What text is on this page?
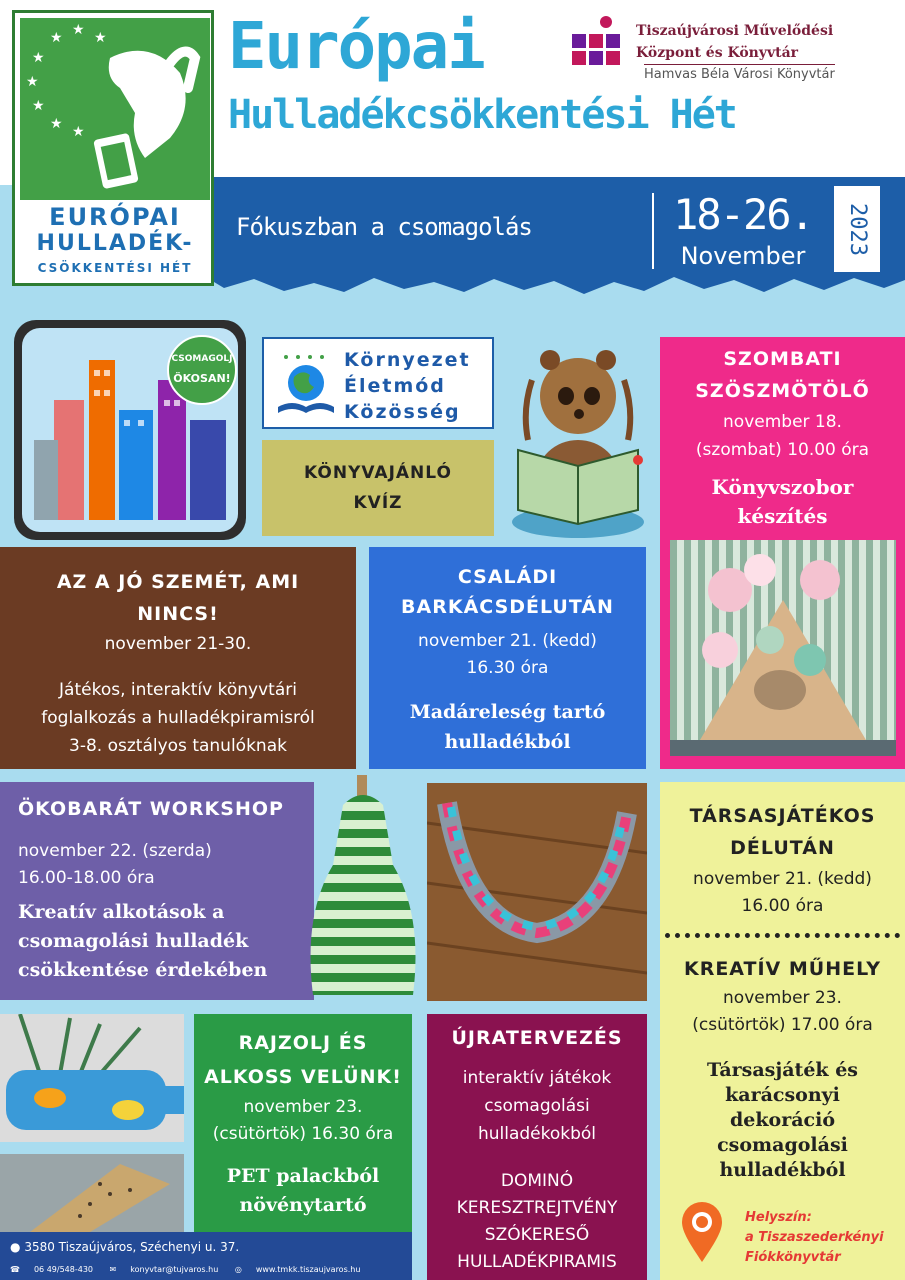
★ ★ ★
★
★
★
★ ★
EURÓPAI
HULLADÉK-
CSÖKKENTÉSI HÉT
Európai
Hulladékcsökkentési Hét
Tiszaújvárosi Művelődési
Központ és Könyvtár
Hamvas Béla Városi Könyvtár
Fókuszban a csomagolás	18-26.
November
2023
CSOMAGOLJ
ÖKOSAN!
Környezet
Életmód
Közösség
KÖNYVAJÁNLÓ
KVÍZ
SZOMBATI
SZÖSZMÖTÖLŐ
november 18.
(szombat) 10.00 óra
Könyvszobor
készítés
AZ A JÓ SZEMÉT, AMI
NINCS!
november 21-30.
Játékos, interaktív könyvtári
foglalkozás a hulladékpiramisról
3-8. osztályos tanulóknak
CSALÁDI
BARKÁCSDÉLUTÁN
november 21. (kedd)
16.30 óra
Madáreleség tartó
hulladékból
ÖKOBARÁT WORKSHOP
november 22. (szerda)
16.00-18.00 óra
Kreatív alkotások a
csomagolási hulladék
csökkentése érdekében
TÁRSASJÁTÉKOS
DÉLUTÁN
november 21. (kedd)
16.00 óra
KREATÍV MŰHELY
november 23.
(csütörtök) 17.00 óra
Társasjáték és
karácsonyi
dekoráció
csomagolási
hulladékból
Helyszín:
a Tiszaszederkényi
Fiókkönyvtár
RAJZOLJ ÉS
ALKOSS VELÜNK!
november 23.
(csütörtök) 16.30 óra
PET palackból
növénytartó
ÚJRATERVEZÉS
interaktív játékok
csomagolási
hulladékokból
DOMINÓ
KERESZTREJTVÉNY
SZÓKERESŐ
HULLADÉKPIRAMIS
● 3580 Tiszaújváros, Széchenyi u. 37.
☎ 06 49/548-430 ✉ konyvtar@tujvaros.hu ◎ www.tmkk.tiszaujvaros.hu
